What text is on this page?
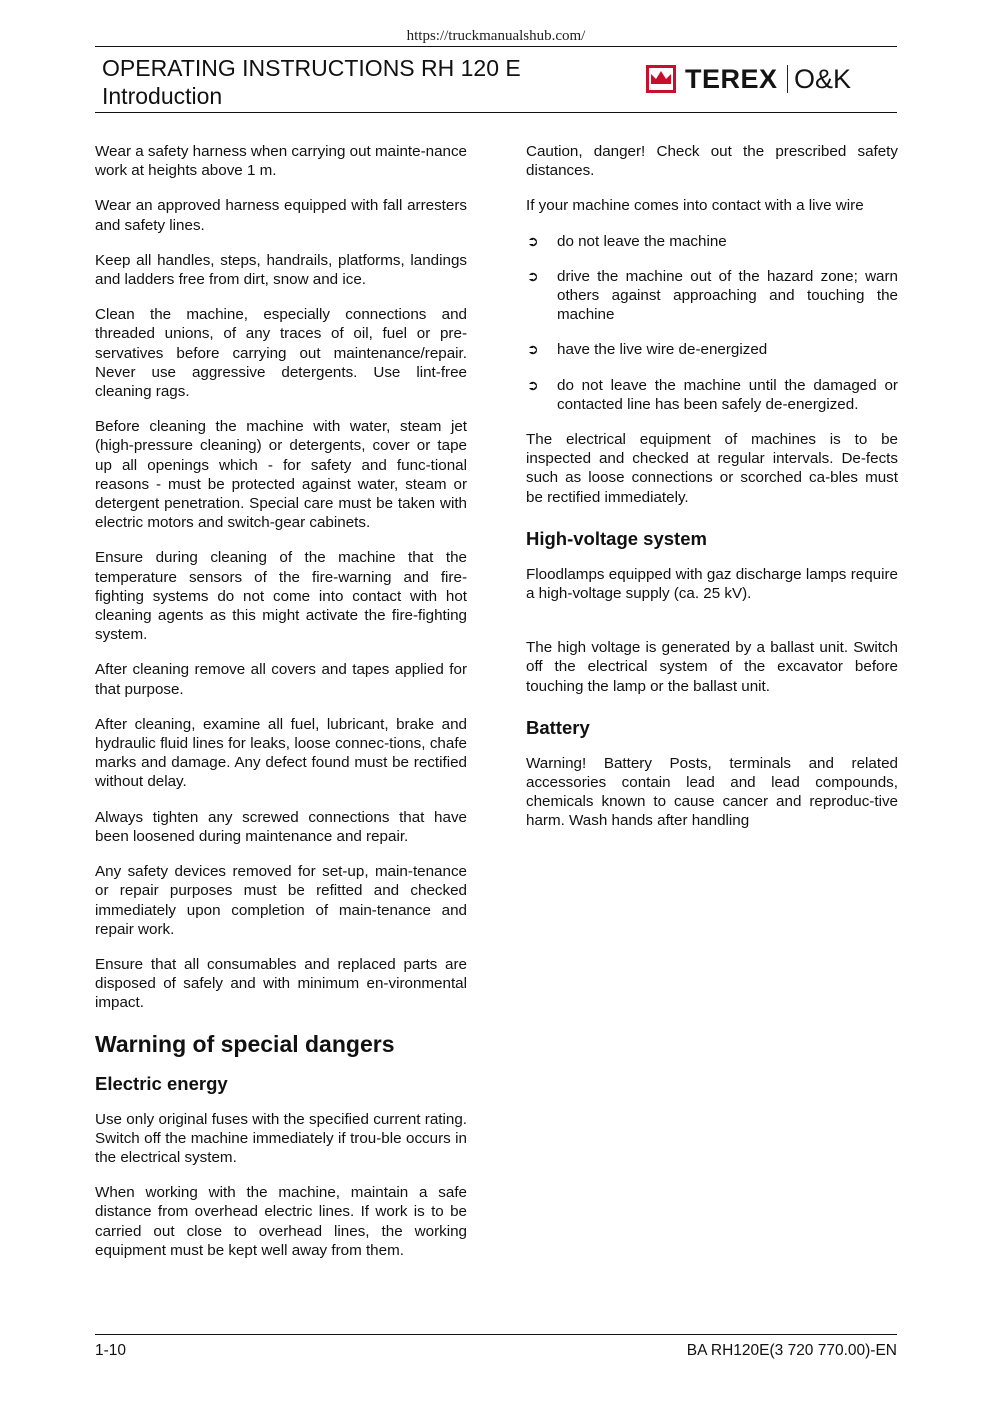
https://truckmanualshub.com/
OPERATING INSTRUCTIONS RH 120 E
Introduction
TEREX O&K

Wear a safety harness when carrying out mainte-nance work at heights above 1 m.

Wear an approved harness equipped with fall arresters and safety lines.

Keep all handles, steps, handrails, platforms, landings and ladders free from dirt, snow and ice.

Clean the machine, especially connections and threaded unions, of any traces of oil, fuel or pre-servatives before carrying out maintenance/repair. Never use aggressive detergents. Use lint-free cleaning rags.

Before cleaning the machine with water, steam jet (high-pressure cleaning) or detergents, cover or tape up all openings which - for safety and func-tional reasons - must be protected against water, steam or detergent penetration. Special care must be taken with electric motors and switch-gear cabinets.

Ensure during cleaning of the machine that the temperature sensors of the fire-warning and fire-fighting systems do not come into contact with hot cleaning agents as this might activate the fire-fighting system.

After cleaning remove all covers and tapes applied for that purpose.

After cleaning, examine all fuel, lubricant, brake and hydraulic fluid lines for leaks, loose connec-tions, chafe marks and damage. Any defect found must be rectified without delay.

Always tighten any screwed connections that have been loosened during maintenance and repair.

Any safety devices removed for set-up, main-tenance or repair purposes must be refitted and checked immediately upon completion of main-tenance and repair work.

Ensure that all consumables and replaced parts are disposed of safely and with minimum en-vironmental impact.

Warning of special dangers
Electric energy

Use only original fuses with the specified current rating. Switch off the machine immediately if trou-ble occurs in the electrical system.

When working with the machine, maintain a safe distance from overhead electric lines. If work is to be carried out close to overhead lines, the working equipment must be kept well away from them.

Caution, danger! Check out the prescribed safety distances.

If your machine comes into contact with a live wire

➲	do not leave the machine
➲	drive the machine out of the hazard zone; warn others against approaching and touching the machine
➲	have the live wire de-energized
➲	do not leave the machine until the damaged or contacted line has been safely de-energized.

The electrical equipment of machines is to be inspected and checked at regular intervals. De-fects such as loose connections or scorched ca-bles must be rectified immediately.

High-voltage system

Floodlamps equipped with gaz discharge lamps require a high-voltage supply (ca. 25 kV).

The high voltage is generated by a ballast unit. Switch off the electrical system of the excavator before touching the lamp or the ballast unit.

Battery

Warning! Battery Posts, terminals and related accessories contain lead and lead compounds, chemicals known to cause cancer and reproduc-tive harm. Wash hands after handling

1-10	BA RH120E(3 720 770.00)-EN
